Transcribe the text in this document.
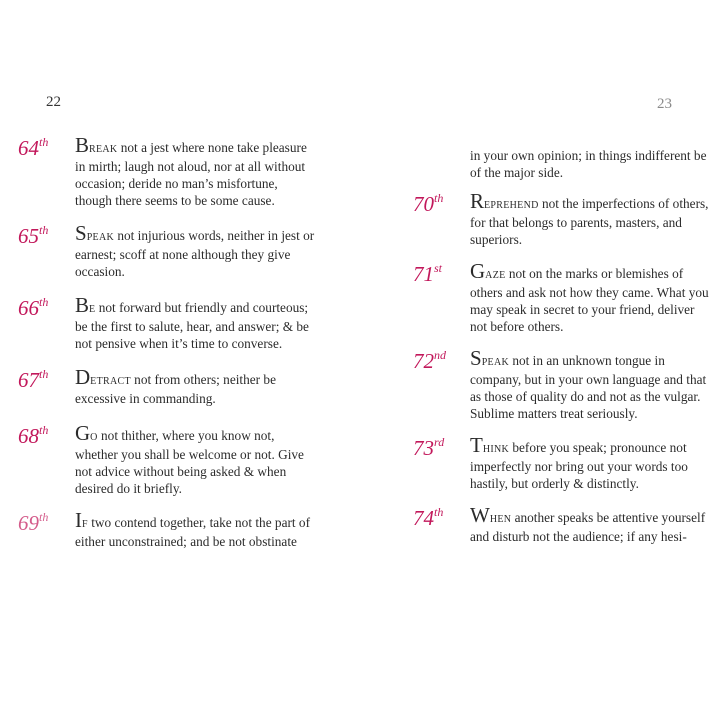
22	23
64th BREAK not a jest where none take pleasure in mirth; laugh not aloud, nor at all without occasion; deride no man’s misfortune, though there seems to be some cause.
65th SPEAK not injurious words, neither in jest or earnest; scoff at none although they give occasion.
66th BE not forward but friendly and courteous; be the first to salute, hear, and answer; & be not pensive when it’s time to converse.
67th DETRACT not from others; neither be excessive in commanding.
68th GO not thither, where you know not, whether you shall be welcome or not. Give not advice without being asked & when desired do it briefly.
69th IF two contend together, take not the part of either unconstrained; and be not obstinate
in your own opinion; in things indifferent be of the major side.
70th REPREHEND not the imperfections of others, for that belongs to parents, masters, and superiors.
71st GAZE not on the marks or blemishes of others and ask not how they came. What you may speak in secret to your friend, deliver not before others.
72nd SPEAK not in an unknown tongue in company, but in your own language and that as those of quality do and not as the vulgar. Sublime matters treat seriously.
73rd THINK before you speak; pronounce not imperfectly nor bring out your words too hastily, but orderly & distinctly.
74th WHEN another speaks be attentive yourself and disturb not the audience; if any hesi-
